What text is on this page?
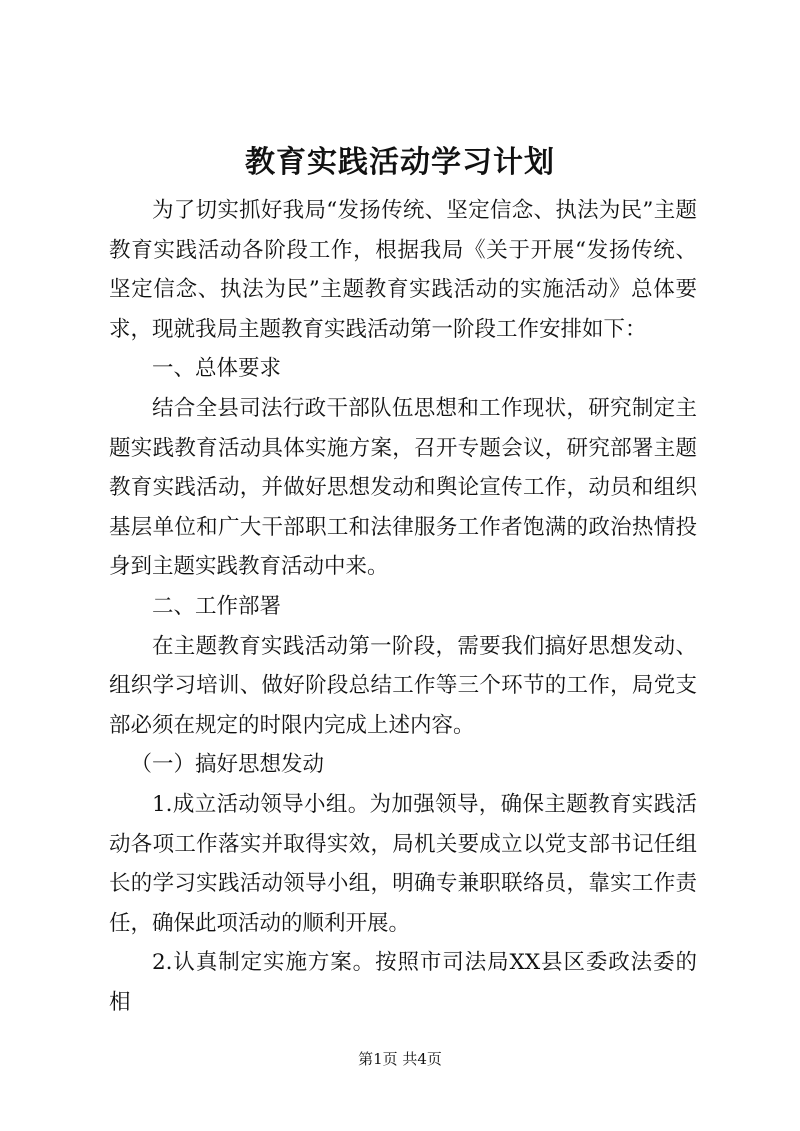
教育实践活动学习计划

为了切实抓好我局“发扬传统、坚定信念、执法为民”主题教育实践活动各阶段工作，根据我局《关于开展“发扬传统、坚定信念、执法为民”主题教育实践活动的实施活动》总体要求，现就我局主题教育实践活动第一阶段工作安排如下：

一、总体要求

结合全县司法行政干部队伍思想和工作现状，研究制定主题实践教育活动具体实施方案，召开专题会议，研究部署主题教育实践活动，并做好思想发动和舆论宣传工作，动员和组织基层单位和广大干部职工和法律服务工作者饱满的政治热情投身到主题实践教育活动中来。

二、工作部署

在主题教育实践活动第一阶段，需要我们搞好思想发动、组织学习培训、做好阶段总结工作等三个环节的工作，局党支部必须在规定的时限内完成上述内容。

（一）搞好思想发动

1.成立活动领导小组。为加强领导，确保主题教育实践活动各项工作落实并取得实效，局机关要成立以党支部书记任组长的学习实践活动领导小组，明确专兼职联络员，靠实工作责任，确保此项活动的顺利开展。

2.认真制定实施方案。按照市司法局XX县区委政法委的相

第1页 共4页
